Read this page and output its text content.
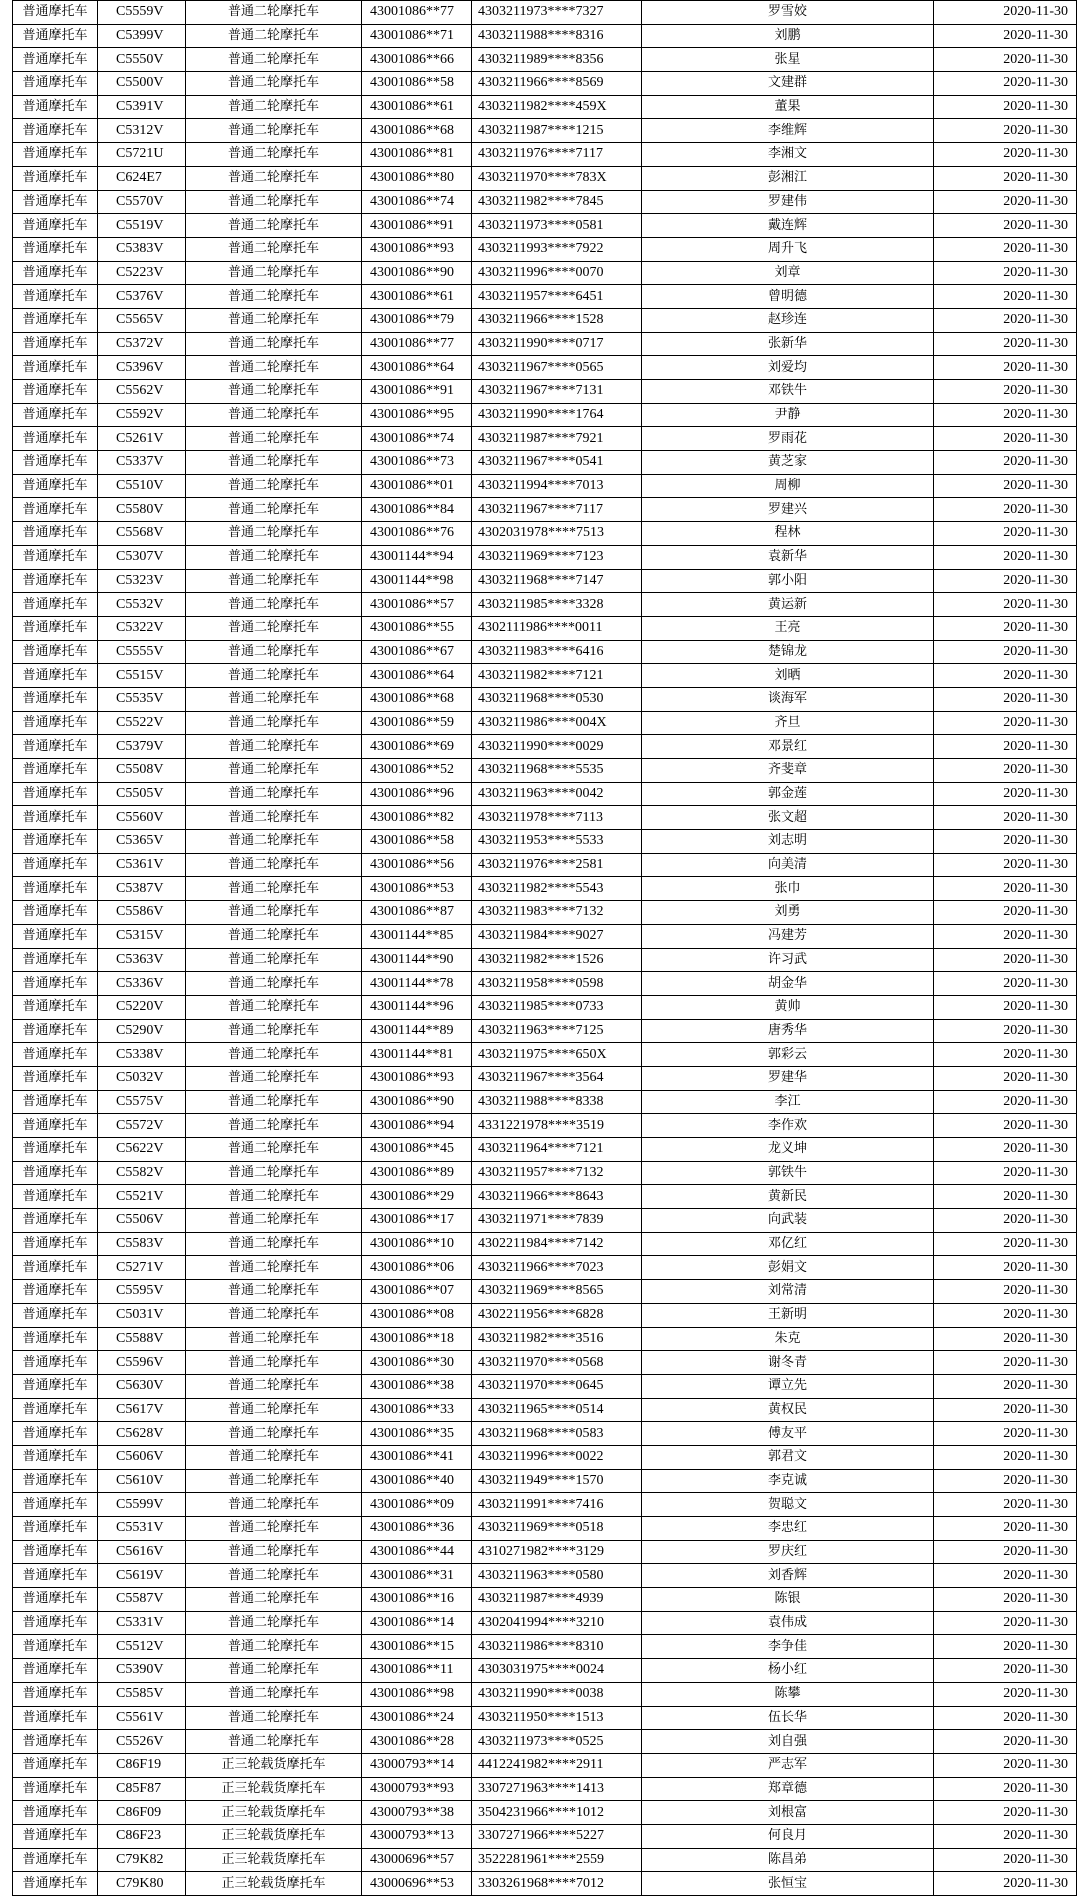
普通摩托车	C5559V	普通二轮摩托车	43001086**77	4303211973****7327	罗雪姣	2020-11-30
普通摩托车	C5399V	普通二轮摩托车	43001086**71	4303211988****8316	刘鹏	2020-11-30
普通摩托车	C5550V	普通二轮摩托车	43001086**66	4303211989****8356	张星	2020-11-30
普通摩托车	C5500V	普通二轮摩托车	43001086**58	4303211966****8569	文建群	2020-11-30
普通摩托车	C5391V	普通二轮摩托车	43001086**61	4303211982****459X	董果	2020-11-30
普通摩托车	C5312V	普通二轮摩托车	43001086**68	4303211987****1215	李维辉	2020-11-30
普通摩托车	C5721U	普通二轮摩托车	43001086**81	4303211976****7117	李湘文	2020-11-30
普通摩托车	C624E7	普通二轮摩托车	43001086**80	4303211970****783X	彭湘江	2020-11-30
普通摩托车	C5570V	普通二轮摩托车	43001086**74	4303211982****7845	罗建伟	2020-11-30
普通摩托车	C5519V	普通二轮摩托车	43001086**91	4303211973****0581	戴连辉	2020-11-30
普通摩托车	C5383V	普通二轮摩托车	43001086**93	4303211993****7922	周升飞	2020-11-30
普通摩托车	C5223V	普通二轮摩托车	43001086**90	4303211996****0070	刘章	2020-11-30
普通摩托车	C5376V	普通二轮摩托车	43001086**61	4303211957****6451	曾明德	2020-11-30
普通摩托车	C5565V	普通二轮摩托车	43001086**79	4303211966****1528	赵珍连	2020-11-30
普通摩托车	C5372V	普通二轮摩托车	43001086**77	4303211990****0717	张新华	2020-11-30
普通摩托车	C5396V	普通二轮摩托车	43001086**64	4303211967****0565	刘爱均	2020-11-30
普通摩托车	C5562V	普通二轮摩托车	43001086**91	4303211967****7131	邓铁牛	2020-11-30
普通摩托车	C5592V	普通二轮摩托车	43001086**95	4303211990****1764	尹静	2020-11-30
普通摩托车	C5261V	普通二轮摩托车	43001086**74	4303211987****7921	罗雨花	2020-11-30
普通摩托车	C5337V	普通二轮摩托车	43001086**73	4303211967****0541	黄芝家	2020-11-30
普通摩托车	C5510V	普通二轮摩托车	43001086**01	4303211994****7013	周柳	2020-11-30
普通摩托车	C5580V	普通二轮摩托车	43001086**84	4303211967****7117	罗建兴	2020-11-30
普通摩托车	C5568V	普通二轮摩托车	43001086**76	4302031978****7513	程林	2020-11-30
普通摩托车	C5307V	普通二轮摩托车	43001144**94	4303211969****7123	袁新华	2020-11-30
普通摩托车	C5323V	普通二轮摩托车	43001144**98	4303211968****7147	郭小阳	2020-11-30
普通摩托车	C5532V	普通二轮摩托车	43001086**57	4303211985****3328	黄运新	2020-11-30
普通摩托车	C5322V	普通二轮摩托车	43001086**55	4302111986****0011	王亮	2020-11-30
普通摩托车	C5555V	普通二轮摩托车	43001086**67	4303211983****6416	楚锦龙	2020-11-30
普通摩托车	C5515V	普通二轮摩托车	43001086**64	4303211982****7121	刘晒	2020-11-30
普通摩托车	C5535V	普通二轮摩托车	43001086**68	4303211968****0530	谈海军	2020-11-30
普通摩托车	C5522V	普通二轮摩托车	43001086**59	4303211986****004X	齐旦	2020-11-30
普通摩托车	C5379V	普通二轮摩托车	43001086**69	4303211990****0029	邓景红	2020-11-30
普通摩托车	C5508V	普通二轮摩托车	43001086**52	4303211968****5535	齐斐章	2020-11-30
普通摩托车	C5505V	普通二轮摩托车	43001086**96	4303211963****0042	郭金莲	2020-11-30
普通摩托车	C5560V	普通二轮摩托车	43001086**82	4303211978****7113	张文超	2020-11-30
普通摩托车	C5365V	普通二轮摩托车	43001086**58	4303211953****5533	刘志明	2020-11-30
普通摩托车	C5361V	普通二轮摩托车	43001086**56	4303211976****2581	向美清	2020-11-30
普通摩托车	C5387V	普通二轮摩托车	43001086**53	4303211982****5543	张巾	2020-11-30
普通摩托车	C5586V	普通二轮摩托车	43001086**87	4303211983****7132	刘勇	2020-11-30
普通摩托车	C5315V	普通二轮摩托车	43001144**85	4303211984****9027	冯建芳	2020-11-30
普通摩托车	C5363V	普通二轮摩托车	43001144**90	4303211982****1526	许习武	2020-11-30
普通摩托车	C5336V	普通二轮摩托车	43001144**78	4303211958****0598	胡金华	2020-11-30
普通摩托车	C5220V	普通二轮摩托车	43001144**96	4303211985****0733	黄帅	2020-11-30
普通摩托车	C5290V	普通二轮摩托车	43001144**89	4303211963****7125	唐秀华	2020-11-30
普通摩托车	C5338V	普通二轮摩托车	43001144**81	4303211975****650X	郭彩云	2020-11-30
普通摩托车	C5032V	普通二轮摩托车	43001086**93	4303211967****3564	罗建华	2020-11-30
普通摩托车	C5575V	普通二轮摩托车	43001086**90	4303211988****8338	李江	2020-11-30
普通摩托车	C5572V	普通二轮摩托车	43001086**94	4331221978****3519	李作欢	2020-11-30
普通摩托车	C5622V	普通二轮摩托车	43001086**45	4303211964****7121	龙义坤	2020-11-30
普通摩托车	C5582V	普通二轮摩托车	43001086**89	4303211957****7132	郭铁牛	2020-11-30
普通摩托车	C5521V	普通二轮摩托车	43001086**29	4303211966****8643	黄新民	2020-11-30
普通摩托车	C5506V	普通二轮摩托车	43001086**17	4303211971****7839	向武装	2020-11-30
普通摩托车	C5583V	普通二轮摩托车	43001086**10	4302211984****7142	邓亿红	2020-11-30
普通摩托车	C5271V	普通二轮摩托车	43001086**06	4303211966****7023	彭娟文	2020-11-30
普通摩托车	C5595V	普通二轮摩托车	43001086**07	4303211969****8565	刘常清	2020-11-30
普通摩托车	C5031V	普通二轮摩托车	43001086**08	4302211956****6828	王新明	2020-11-30
普通摩托车	C5588V	普通二轮摩托车	43001086**18	4303211982****3516	朱克	2020-11-30
普通摩托车	C5596V	普通二轮摩托车	43001086**30	4303211970****0568	谢冬青	2020-11-30
普通摩托车	C5630V	普通二轮摩托车	43001086**38	4303211970****0645	谭立先	2020-11-30
普通摩托车	C5617V	普通二轮摩托车	43001086**33	4303211965****0514	黄权民	2020-11-30
普通摩托车	C5628V	普通二轮摩托车	43001086**35	4303211968****0583	傅友平	2020-11-30
普通摩托车	C5606V	普通二轮摩托车	43001086**41	4303211996****0022	郭君文	2020-11-30
普通摩托车	C5610V	普通二轮摩托车	43001086**40	4303211949****1570	李克诚	2020-11-30
普通摩托车	C5599V	普通二轮摩托车	43001086**09	4303211991****7416	贺聪文	2020-11-30
普通摩托车	C5531V	普通二轮摩托车	43001086**36	4303211969****0518	李忠红	2020-11-30
普通摩托车	C5616V	普通二轮摩托车	43001086**44	4310271982****3129	罗庆红	2020-11-30
普通摩托车	C5619V	普通二轮摩托车	43001086**31	4303211963****0580	刘香辉	2020-11-30
普通摩托车	C5587V	普通二轮摩托车	43001086**16	4303211987****4939	陈银	2020-11-30
普通摩托车	C5331V	普通二轮摩托车	43001086**14	4302041994****3210	袁伟成	2020-11-30
普通摩托车	C5512V	普通二轮摩托车	43001086**15	4303211986****8310	李争佳	2020-11-30
普通摩托车	C5390V	普通二轮摩托车	43001086**11	4303031975****0024	杨小红	2020-11-30
普通摩托车	C5585V	普通二轮摩托车	43001086**98	4303211990****0038	陈攀	2020-11-30
普通摩托车	C5561V	普通二轮摩托车	43001086**24	4303211950****1513	伍长华	2020-11-30
普通摩托车	C5526V	普通二轮摩托车	43001086**28	4303211973****0525	刘自强	2020-11-30
普通摩托车	C86F19	正三轮载货摩托车	43000793**14	4412241982****2911	严志军	2020-11-30
普通摩托车	C85F87	正三轮载货摩托车	43000793**93	3307271963****1413	郑章德	2020-11-30
普通摩托车	C86F09	正三轮载货摩托车	43000793**38	3504231966****1012	刘根富	2020-11-30
普通摩托车	C86F23	正三轮载货摩托车	43000793**13	3307271966****5227	何良月	2020-11-30
普通摩托车	C79K82	正三轮载货摩托车	43000696**57	3522281961****2559	陈昌弟	2020-11-30
普通摩托车	C79K80	正三轮载货摩托车	43000696**53	3303261968****7012	张恒宝	2020-11-30
